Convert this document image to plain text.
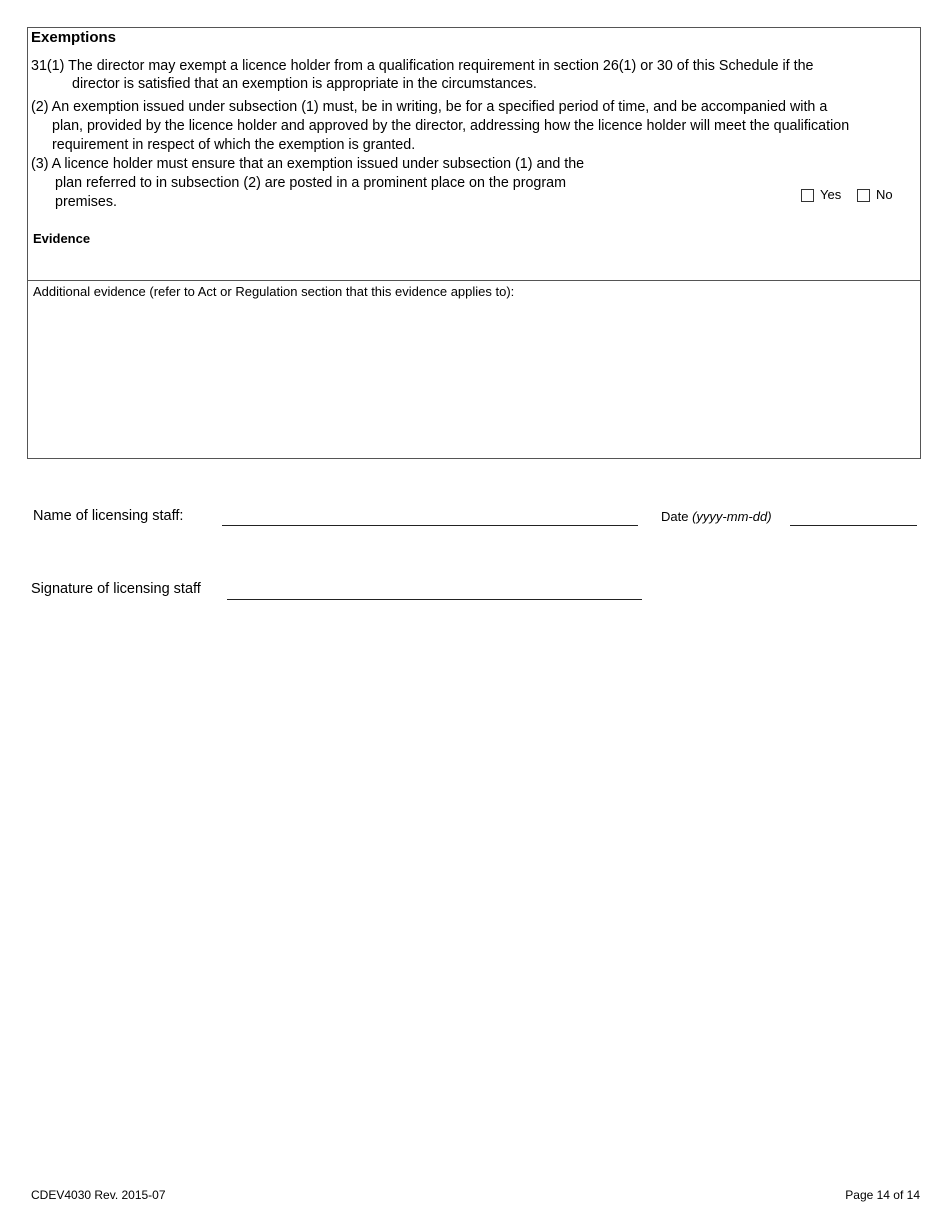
Exemptions
31(1) The director may exempt a licence holder from a qualification requirement in section 26(1) or 30 of this Schedule if the
director is satisfied that an exemption is appropriate in the circumstances.
(2) An exemption issued under subsection (1) must, be in writing, be for a specified period of time, and be accompanied with a
plan, provided by the licence holder and approved by the director, addressing how the licence holder will meet the qualification
requirement in respect of which the exemption is granted.
(3) A licence holder must ensure that an exemption issued under subsection (1) and the
plan referred to in subsection (2) are posted in a prominent place on the program
premises.	Yes	No
Evidence
Additional evidence (refer to Act or Regulation section that this evidence applies to):
Name of licensing staff:	Date (yyyy-mm-dd)
Signature of licensing staff
CDEV4030 Rev. 2015-07	Page 14 of 14
